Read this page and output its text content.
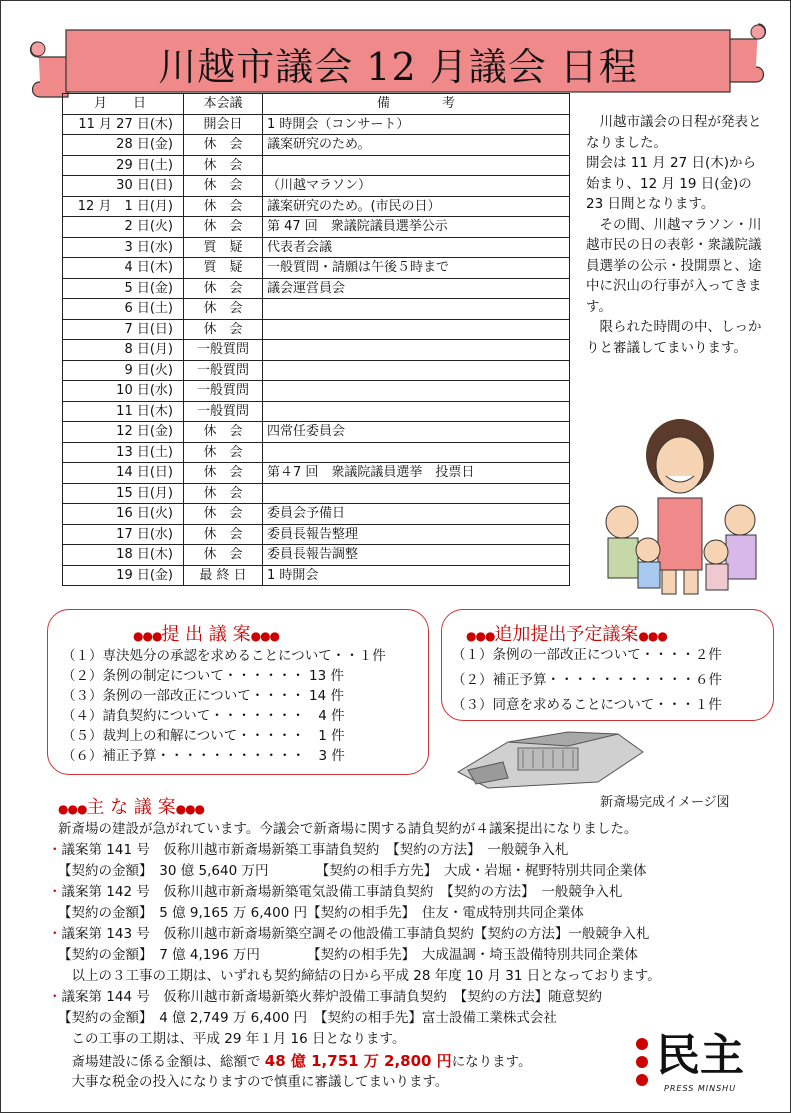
川越市議会 12 月議会 日程
月　　日	本会議	備　　　　考
11 月 27 日(木)	開会日	1 時開会（コンサート）
28 日(金)	休　会	議案研究のため。
29 日(土)	休　会	
30 日(日)	休　会	（川越マラソン）
12 月　1 日(月)	休　会	議案研究のため。(市民の日）
2 日(火)	休　会	第 47 回　衆議院議員選挙公示
3 日(水)	質　疑	代表者会議
4 日(木)	質　疑	一般質問・請願は午後５時まで
5 日(金)	休　会	議会運営員会
6 日(土)	休　会	
7 日(日)	休　会	
8 日(月)	一般質問	
9 日(火)	一般質問	
10 日(水)	一般質問	
11 日(木)	一般質問	
12 日(金)	休　会	四常任委員会
13 日(土)	休　会	
14 日(日)	休　会	第４7 回　衆議院議員選挙　投票日
15 日(月)	休　会	
16 日(火)	休　会	委員会予備日
17 日(水)	休　会	委員長報告整理
18 日(木)	休　会	委員長報告調整
19 日(金)	最 終 日	1 時開会

川越市議会の日程が発表となりました。

開会は 11 月 27 日(木)から始まり、12 月 19 日(金)の 23 日間となります。

その間、川越マラソン・川越市民の日の表彰・衆議院議員選挙の公示・投開票と、途中に沢山の行事が入ってきます。

限られた時間の中、しっかりと審議してまいります。

●●●提 出 議 案●●●
（１）専決処分の承認を求めることについて・・１件
（２）条例の制定について・・・・・・ 13 件
（３）条例の一部改正について・・・・ 14 件
（４）請負契約について・・・・・・・　4 件
（５）裁判上の和解について・・・・・　1 件
（６）補正予算・・・・・・・・・・・　3 件
●●●追加提出予定議案●●●
（１）条例の一部改正について・・・・２件
（２）補正予算・・・・・・・・・・・６件
（３）同意を求めることについて・・・１件
新斎場完成イメージ図
●●●主 な 議 案●●●
新斎場の建設が急がれています。今議会で新斎場に関する請負契約が４議案提出になりました。
・議案第 141 号　仮称川越市新斎場新築工事請負契約　【契約の方法】　一般競争入札
【契約の金額】　30 億 5,640 万円　　　　【契約の相手方先】　大成・岩堀・梶野特別共同企業体
・議案第 142 号　仮称川越市新斎場新築電気設備工事請負契約　【契約の方法】　一般競争入札
【契約の金額】　5 億 9,165 万 6,400 円【契約の相手先】　住友・電成特別共同企業体
・議案第 143 号　仮称川越市新斎場新築空調その他設備工事請負契約【契約の方法】一般競争入札
【契約の金額】　7 億 4,196 万円　　　　【契約の相手先】　大成温調・埼玉設備特別共同企業体
　以上の３工事の工期は、いずれも契約締結の日から平成 28 年度 10 月 31 日となっております。
・議案第 144 号　仮称川越市新斎場新築火葬炉設備工事請負契約　【契約の方法】随意契約
【契約の金額】　4 億 2,749 万 6,400 円　【契約の相手先】富士設備工業株式会社
　この工事の工期は、平成 29 年１月 16 日となります。
　斎場建設に係る金額は、総額で 48 億 1,751 万 2,800 円になります。
　大事な税金の投入になりますので慎重に審議してまいります。
民主
PRESS MINSHU
